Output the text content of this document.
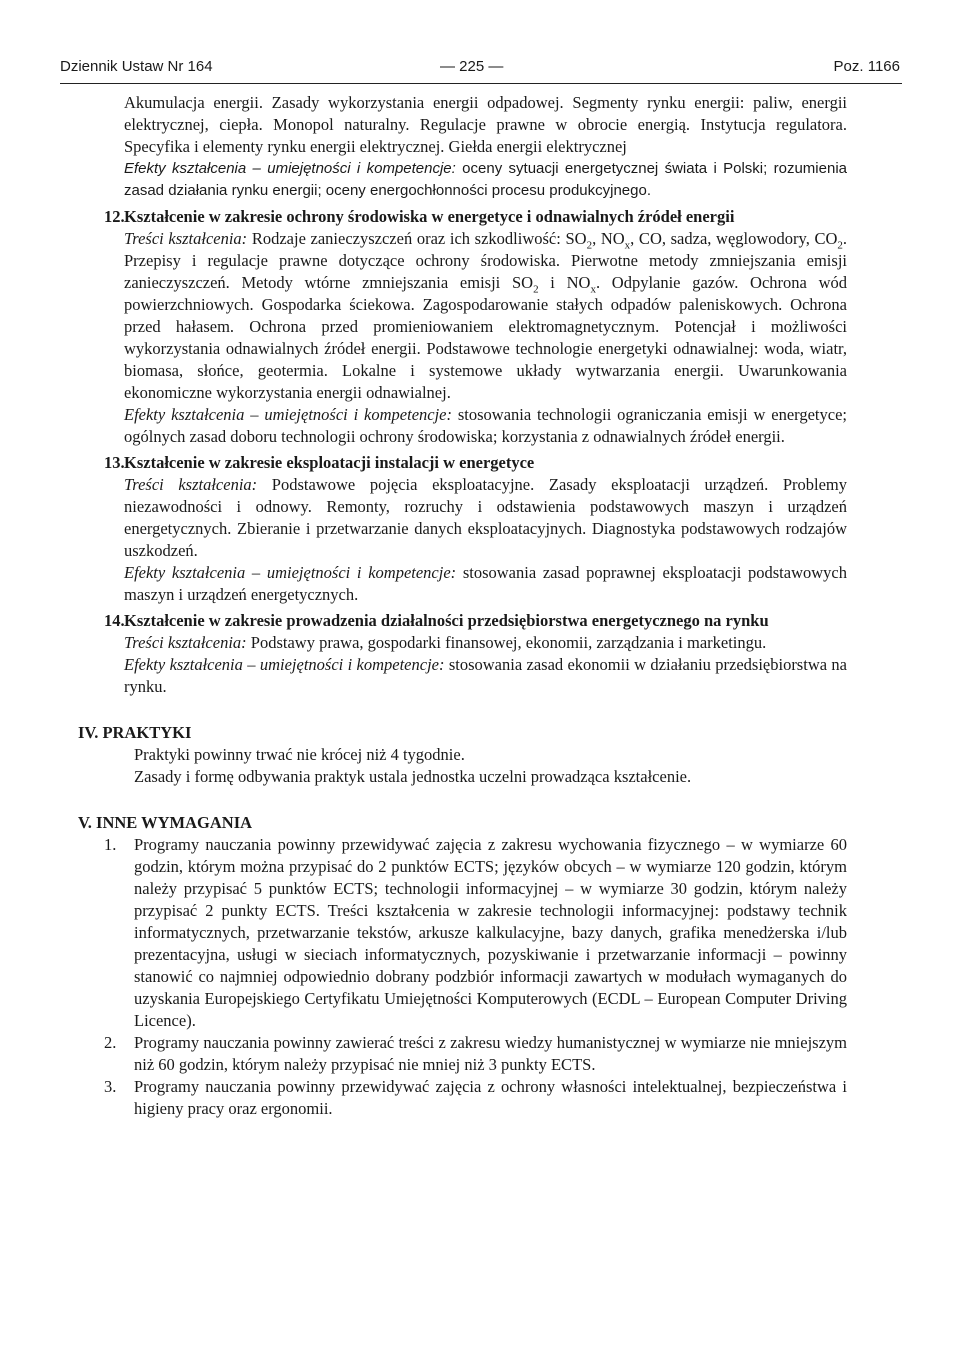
Dziennik Ustaw Nr 164	— 225 —	Poz. 1166
Akumulacja energii. Zasady wykorzystania energii odpadowej. Segmenty rynku energii: paliw, energii elektrycznej, ciepła. Monopol naturalny. Regulacje prawne w obrocie energią. Instytucja regulatora. Specyfika i elementy rynku energii elektrycznej. Giełda energii elektrycznej
Efekty kształcenia – umiejętności i kompetencje: oceny sytuacji energetycznej świata i Polski; rozumienia zasad działania rynku energii; oceny energochłonności procesu produkcyjnego.
12. Kształcenie w zakresie ochrony środowiska w energetyce i odnawialnych źródeł energii
Treści kształcenia: Rodzaje zanieczyszczeń oraz ich szkodliwość: $SO_2$, $NO_x$, CO, sadza, węglowodory, $CO_2$. Przepisy i regulacje prawne dotyczące ochrony środowiska. Pierwotne metody zmniejszania emisji zanieczyszczeń. Metody wtórne zmniejszania emisji $SO_2$ i $NO_x$. Odpylanie gazów. Ochrona wód powierzchniowych. Gospodarka ściekowa. Zagospodarowanie stałych odpadów paleniskowych. Ochrona przed hałasem. Ochrona przed promieniowaniem elektromagnetycznym. Potencjał i możliwości wykorzystania odnawialnych źródeł energii. Podstawowe technologie energetyki odnawialnej: woda, wiatr, biomasa, słońce, geotermia. Lokalne i systemowe układy wytwarzania energii. Uwarunkowania ekonomiczne wykorzystania energii odnawialnej.
Efekty kształcenia – umiejętności i kompetencje: stosowania technologii ograniczania emisji w energetyce; ogólnych zasad doboru technologii ochrony środowiska; korzystania z odnawialnych źródeł energii.
13. Kształcenie w zakresie eksploatacji instalacji w energetyce
Treści kształcenia: Podstawowe pojęcia eksploatacyjne. Zasady eksploatacji urządzeń. Problemy niezawodności i odnowy. Remonty, rozruchy i odstawienia podstawowych maszyn i urządzeń energetycznych. Zbieranie i przetwarzanie danych eksploatacyjnych. Diagnostyka podstawowych rodzajów uszkodzeń.
Efekty kształcenia – umiejętności i kompetencje: stosowania zasad poprawnej eksploatacji podstawowych maszyn i urządzeń energetycznych.
14. Kształcenie w zakresie prowadzenia działalności przedsiębiorstwa energetycznego na rynku
Treści kształcenia: Podstawy prawa, gospodarki finansowej, ekonomii, zarządzania i marketingu.
Efekty kształcenia – umiejętności i kompetencje: stosowania zasad ekonomii w działaniu przedsiębiorstwa na rynku.
IV. PRAKTYKI
Praktyki powinny trwać nie krócej niż 4 tygodnie.
Zasady i formę odbywania praktyk ustala jednostka uczelni prowadząca kształcenie.
V. INNE WYMAGANIA
1. Programy nauczania powinny przewidywać zajęcia z zakresu wychowania fizycznego – w wymiarze 60 godzin, którym można przypisać do 2 punktów ECTS; języków obcych – w wymiarze 120 godzin, którym należy przypisać 5 punktów ECTS; technologii informacyjnej – w wymiarze 30 godzin, którym należy przypisać 2 punkty ECTS. Treści kształcenia w zakresie technologii informacyjnej: podstawy technik informatycznych, przetwarzanie tekstów, arkusze kalkulacyjne, bazy danych, grafika menedżerska i/lub prezentacyjna, usługi w sieciach informatycznych, pozyskiwanie i przetwarzanie informacji – powinny stanowić co najmniej odpowiednio dobrany podzbiór informacji zawartych w modułach wymaganych do uzyskania Europejskiego Certyfikatu Umiejętności Komputerowych (ECDL – European Computer Driving Licence).
2. Programy nauczania powinny zawierać treści z zakresu wiedzy humanistycznej w wymiarze nie mniejszym niż 60 godzin, którym należy przypisać nie mniej niż 3 punkty ECTS.
3. Programy nauczania powinny przewidywać zajęcia z ochrony własności intelektualnej, bezpieczeństwa i higieny pracy oraz ergonomii.
